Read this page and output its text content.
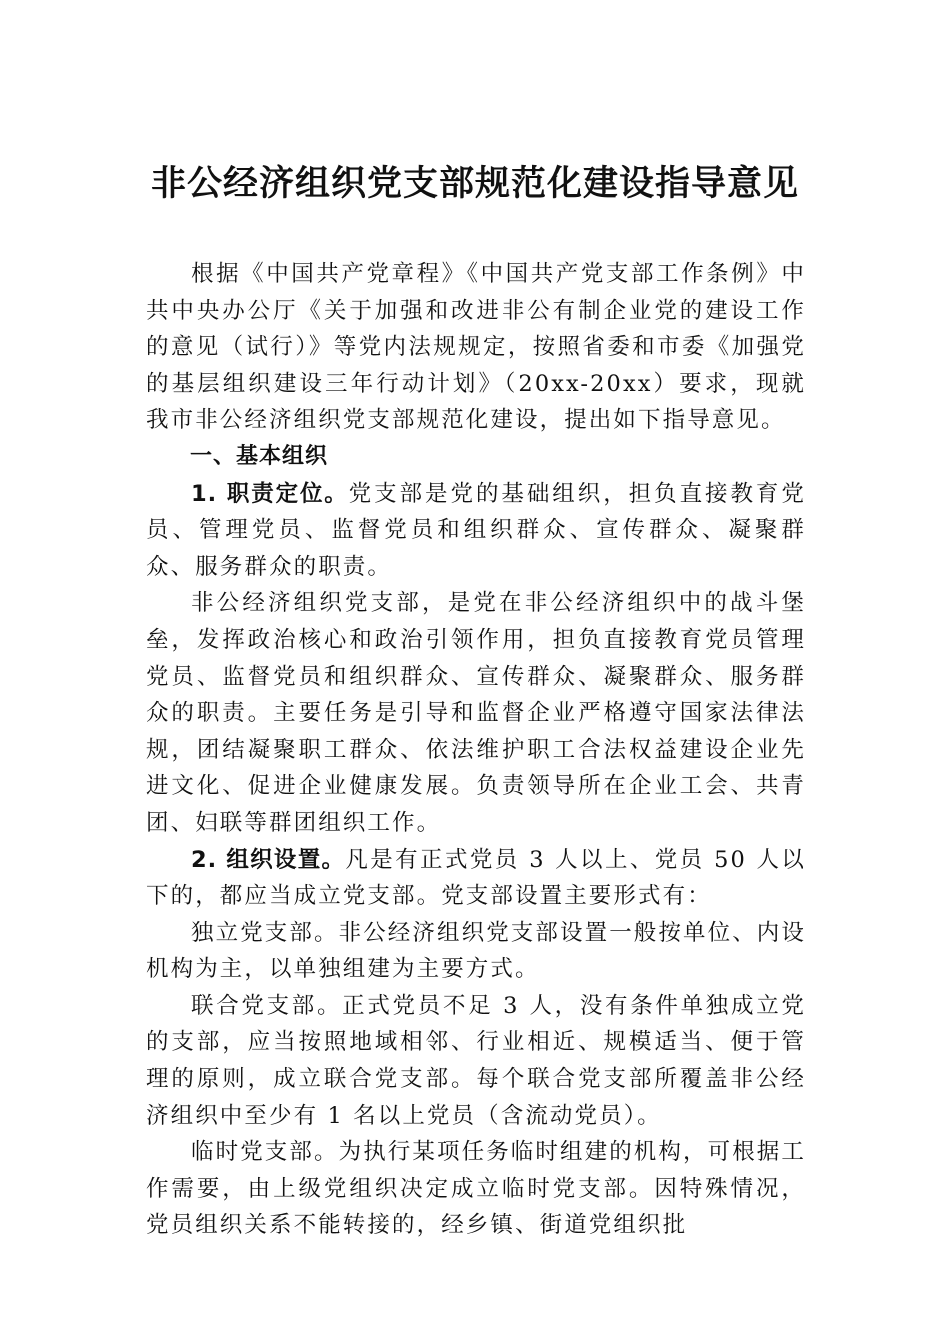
非公经济组织党支部规范化建设指导意见

根据《中国共产党章程》《中国共产党支部工作条例》中共中央办公厅《关于加强和改进非公有制企业党的建设工作的意见（试行）》等党内法规规定，按照省委和市委《加强党的基层组织建设三年行动计划》（20xx-20xx）要求，现就我市非公经济组织党支部规范化建设，提出如下指导意见。

一、基本组织

1. 职责定位。党支部是党的基础组织，担负直接教育党员、管理党员、监督党员和组织群众、宣传群众、凝聚群众、服务群众的职责。

非公经济组织党支部，是党在非公经济组织中的战斗堡垒，发挥政治核心和政治引领作用，担负直接教育党员管理党员、监督党员和组织群众、宣传群众、凝聚群众、服务群众的职责。主要任务是引导和监督企业严格遵守国家法律法规，团结凝聚职工群众、依法维护职工合法权益建设企业先进文化、促进企业健康发展。负责领导所在企业工会、共青团、妇联等群团组织工作。

2. 组织设置。凡是有正式党员 3 人以上、党员 50 人以下的，都应当成立党支部。党支部设置主要形式有：

独立党支部。非公经济组织党支部设置一般按单位、内设机构为主，以单独组建为主要方式。

联合党支部。正式党员不足 3 人，没有条件单独成立党的支部，应当按照地域相邻、行业相近、规模适当、便于管理的原则，成立联合党支部。每个联合党支部所覆盖非公经济组织中至少有 1 名以上党员（含流动党员）。

临时党支部。为执行某项任务临时组建的机构，可根据工作需要，由上级党组织决定成立临时党支部。因特殊情况，党员组织关系不能转接的，经乡镇、街道党组织批
